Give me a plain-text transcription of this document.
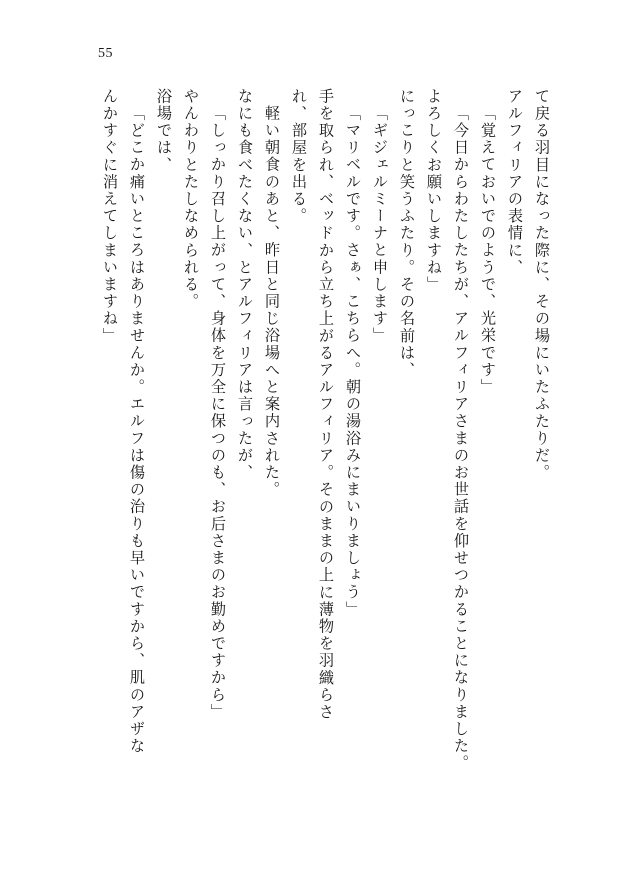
55
て戻る羽目になった際に、その場にいたふたりだ。
アルフィリアの表情に、
「覚えておいでのようで、光栄です」
「今日からわたしたちが、アルフィリアさまのお世話を仰せつかることになりました。
よろしくお願いしますね」
にっこりと笑うふたり。その名前は、
「ギジェルミーナと申します」
「マリベルです。さぁ、こちらへ。朝の湯浴みにまいりましょう」
手を取られ、ベッドから立ち上がるアルフィリア。そのままの上に薄物を羽織らさ
れ、部屋を出る。
軽い朝食のあと、昨日と同じ浴場へと案内された。
なにも食べたくない、とアルフィリアは言ったが、
「しっかり召し上がって、身体を万全に保つのも、お后さまのお勤めですから」
やんわりとたしなめられる。
浴場では、
「どこか痛いところはありませんか。エルフは傷の治りも早いですから、肌のアザな
んかすぐに消えてしまいますね」
